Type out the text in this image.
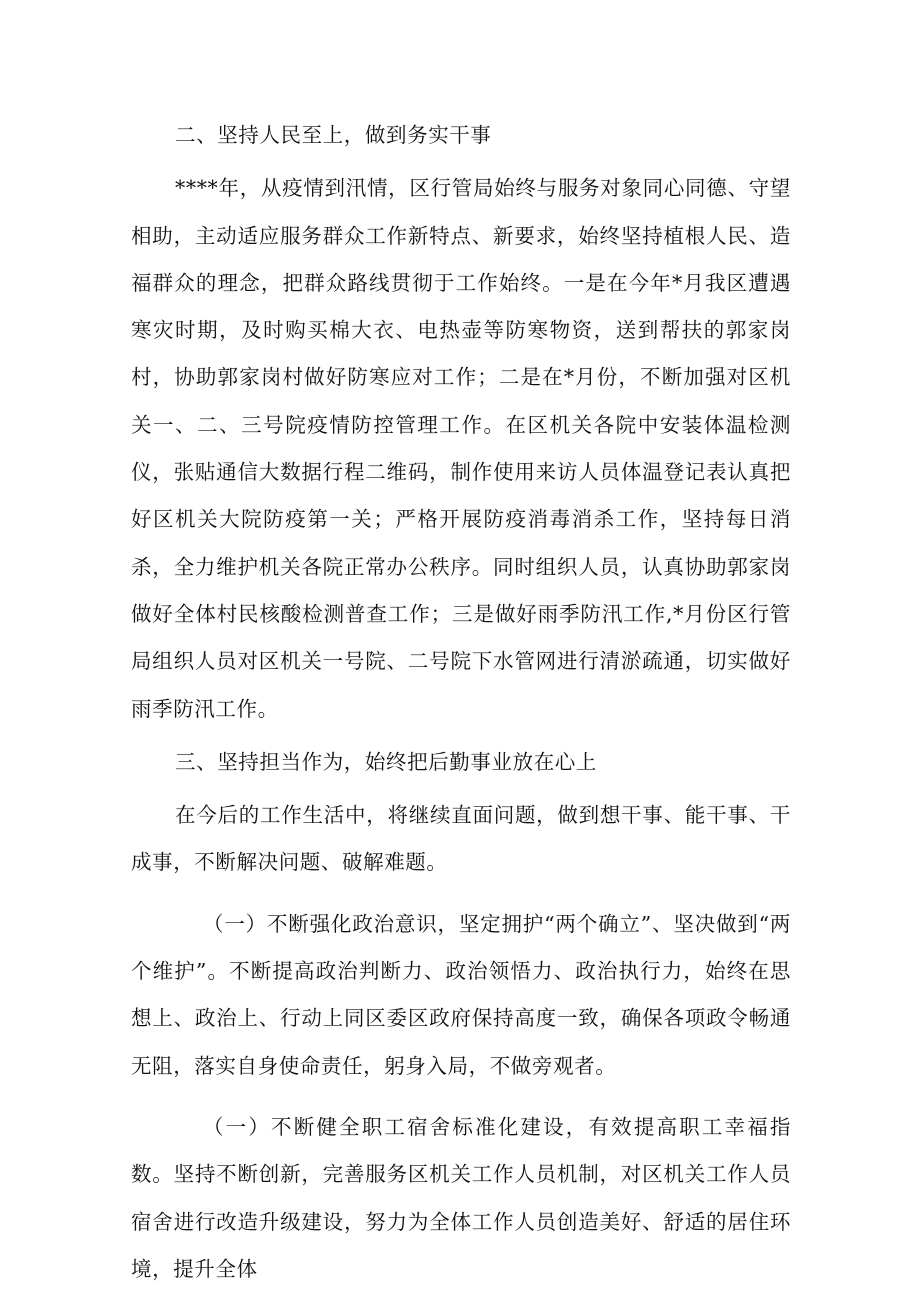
二、坚持人民至上，做到务实干事

****年，从疫情到汛情，区行管局始终与服务对象同心同德、守望相助，主动适应服务群众工作新特点、新要求，始终坚持植根人民、造福群众的理念，把群众路线贯彻于工作始终。一是在今年*月我区遭遇寒灾时期，及时购买棉大衣、电热壶等防寒物资，送到帮扶的郭家岗村，协助郭家岗村做好防寒应对工作；二是在*月份，不断加强对区机关一、二、三号院疫情防控管理工作。在区机关各院中安装体温检测仪，张贴通信大数据行程二维码，制作使用来访人员体温登记表认真把好区机关大院防疫第一关；严格开展防疫消毒消杀工作，坚持每日消杀，全力维护机关各院正常办公秩序。同时组织人员，认真协助郭家岗做好全体村民核酸检测普查工作；三是做好雨季防汛工作,*月份区行管局组织人员对区机关一号院、二号院下水管网进行清淤疏通，切实做好雨季防汛工作。

三、坚持担当作为，始终把后勤事业放在心上

在今后的工作生活中，将继续直面问题，做到想干事、能干事、干成事，不断解决问题、破解难题。

（一）不断强化政治意识，坚定拥护“两个确立”、坚决做到“两个维护”。不断提高政治判断力、政治领悟力、政治执行力，始终在思想上、政治上、行动上同区委区政府保持高度一致，确保各项政令畅通无阻，落实自身使命责任，躬身入局，不做旁观者。

（一）不断健全职工宿舍标准化建设，有效提高职工幸福指数。坚持不断创新，完善服务区机关工作人员机制，对区机关工作人员宿舍进行改造升级建设，努力为全体工作人员创造美好、舒适的居住环境，提升全体
